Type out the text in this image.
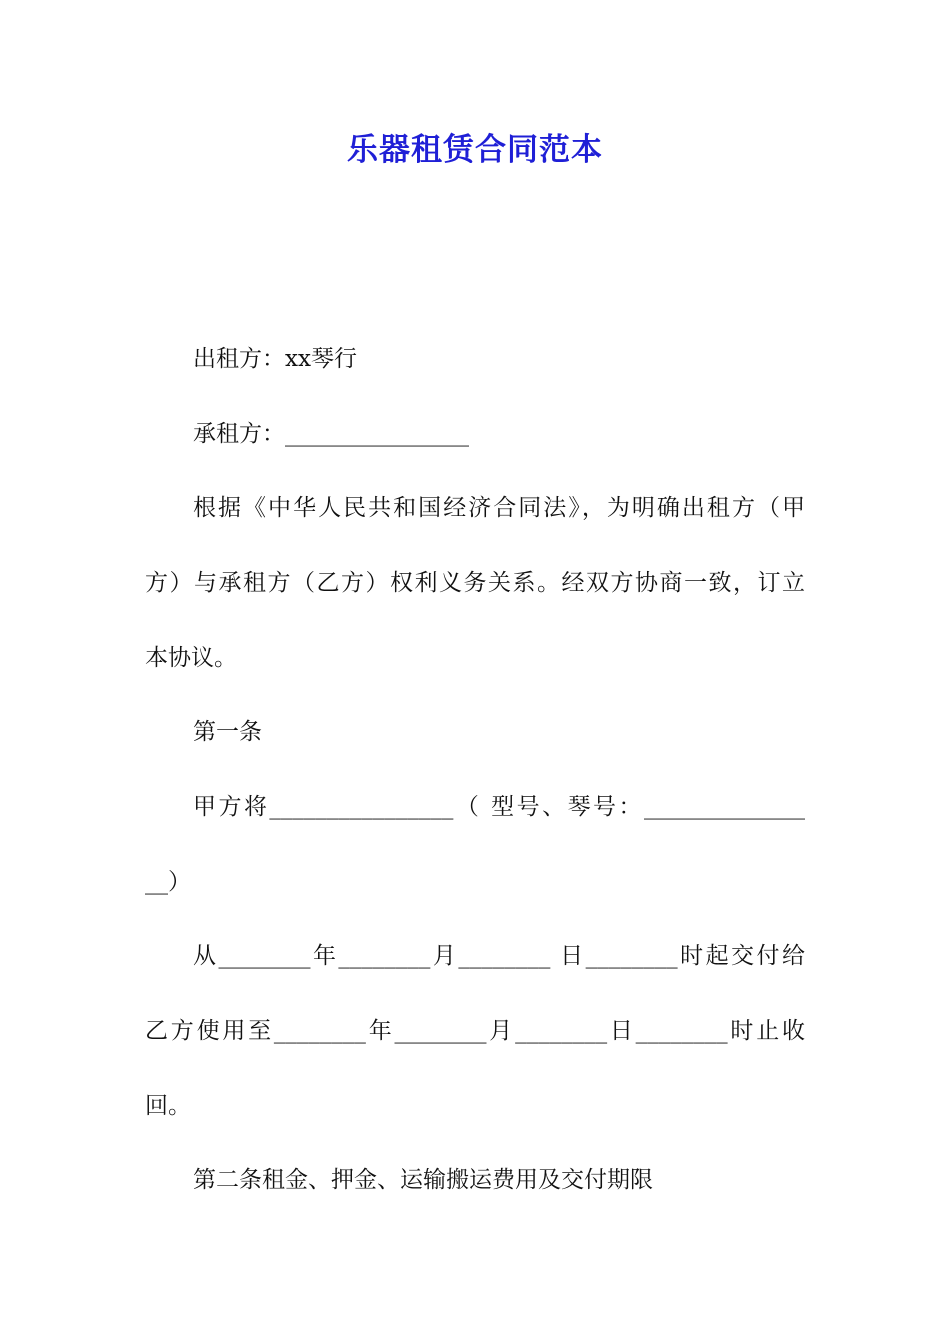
乐器租赁合同范本

出租方：xx琴行

承租方：________________

根据《中华人民共和国经济合同法》，为明确出租方（甲

方）与承租方（乙方）权利义务关系。经双方协商一致，订立

本协议。

第一条

甲方将________________（ 型号、琴号：______________

__）

从________年________月________ 日________时起交付给

乙方使用至________年________月________日________时止收

回。

第二条租金、押金、运输搬运费用及交付期限
